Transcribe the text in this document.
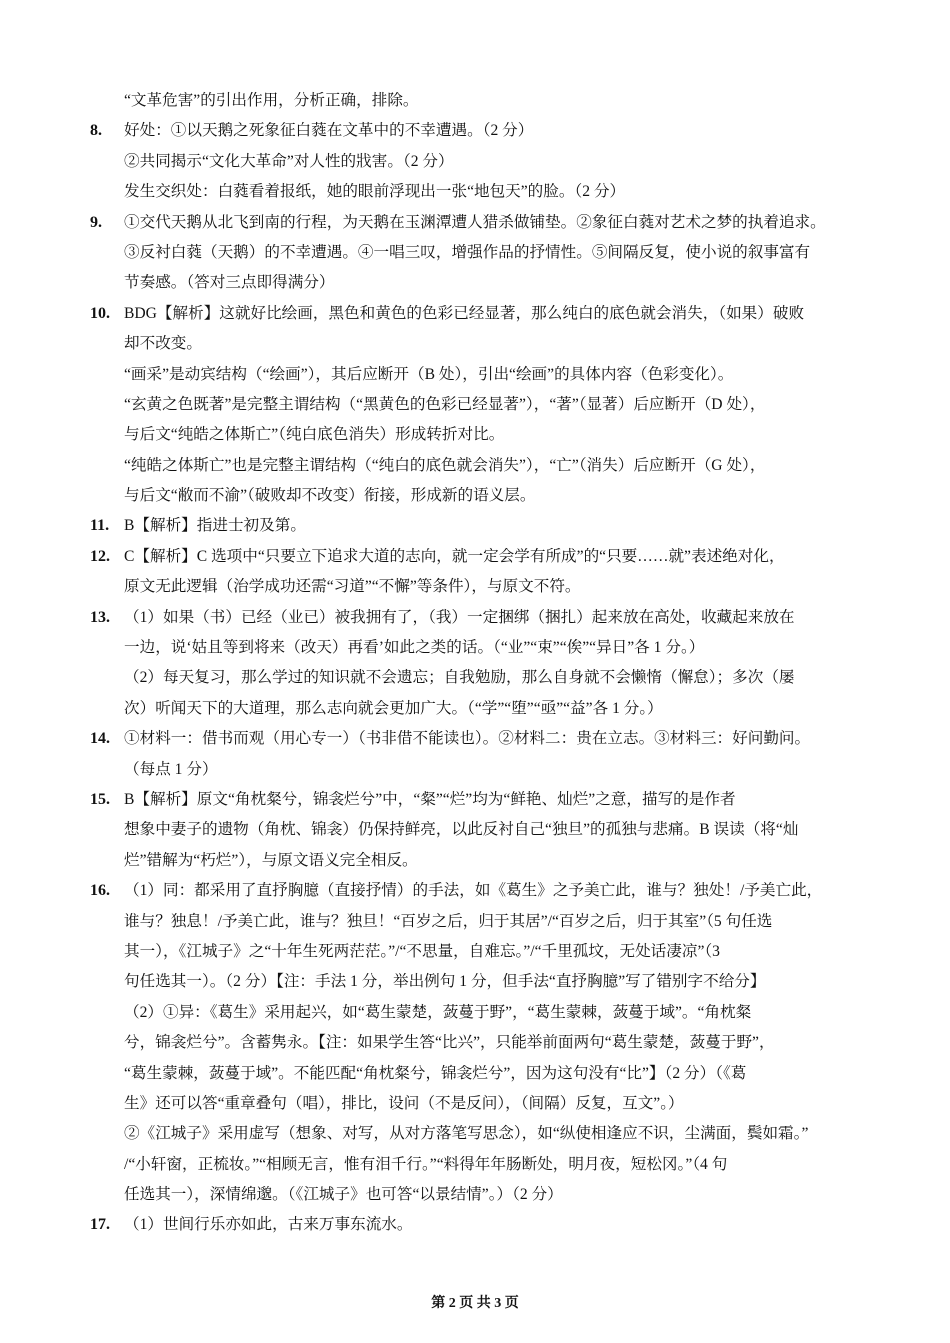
“文革危害”的引出作用，分析正确，排除。
8.	好处：①以天鹅之死象征白蕤在文革中的不幸遭遇。（2 分）
②共同揭示“文化大革命”对人性的戕害。（2 分）
发生交织处：白蕤看着报纸，她的眼前浮现出一张“地包天”的脸。（2 分）
9.	①交代天鹅从北飞到南的行程，为天鹅在玉渊潭遭人猎杀做铺垫。②象征白蕤对艺术之梦的执着追求。
③反衬白蕤（天鹅）的不幸遭遇。④一唱三叹，增强作品的抒情性。⑤间隔反复，使小说的叙事富有
节奏感。（答对三点即得满分）
10. BDG【解析】这就好比绘画，黑色和黄色的色彩已经显著，那么纯白的底色就会消失，（如果）破败
却不改变。
“画采”是动宾结构（“绘画”），其后应断开（B 处），引出“绘画”的具体内容（色彩变化）。
“玄黄之色既著”是完整主谓结构（“黑黄色的色彩已经显著”），“著”（显著）后应断开（D 处），
与后文“纯皓之体斯亡”（纯白底色消失）形成转折对比。
“纯皓之体斯亡”也是完整主谓结构（“纯白的底色就会消失”），“亡”（消失）后应断开（G 处），
与后文“敝而不渝”（破败却不改变）衔接，形成新的语义层。
11. B【解析】指进士初及第。
12. C【解析】C 选项中“只要立下追求大道的志向，就一定会学有所成”的“只要……就”表述绝对化，
原文无此逻辑（治学成功还需“习道”“不懈”等条件），与原文不符。
13. （1）如果（书）已经（业已）被我拥有了，（我）一定捆绑（捆扎）起来放在高处，收藏起来放在
一边，说‘姑且等到将来（改天）再看’如此之类的话。（“业”“束”“俟”“异日”各 1 分。）
（2）每天复习，那么学过的知识就不会遗忘；自我勉励，那么自身就不会懒惰（懈怠）；多次（屡
次）听闻天下的大道理，那么志向就会更加广大。（“学”“堕”“亟”“益”各 1 分。）
14. ①材料一：借书而观（用心专一）（书非借不能读也）。②材料二：贵在立志。③材料三：好问勤问。
（每点 1 分）
15. B【解析】原文“角枕粲兮，锦衾烂兮”中，“粲”“烂”均为“鲜艳、灿烂”之意，描写的是作者
想象中妻子的遗物（角枕、锦衾）仍保持鲜亮，以此反衬自己“独旦”的孤独与悲痛。B 误读（将“灿
烂”错解为“朽烂”），与原文语义完全相反。
16. （1）同：都采用了直抒胸臆（直接抒情）的手法，如《葛生》之予美亡此，谁与？独处！/予美亡此，
谁与？独息！/予美亡此，谁与？独旦！“百岁之后，归于其居”/“百岁之后，归于其室”（5 句任选
其一），《江城子》之“十年生死两茫茫。”/“不思量，自难忘。”/“千里孤坟，无处话凄凉”（3
句任选其一）。（2 分）【注：手法 1 分，举出例句 1 分，但手法“直抒胸臆”写了错别字不给分】
（2）①异：《葛生》采用起兴，如“葛生蒙楚，蔹蔓于野”，“葛生蒙棘，蔹蔓于域”。“角枕粲
兮，锦衾烂兮”。含蓄隽永。【注：如果学生答“比兴”，只能举前面两句“葛生蒙楚，蔹蔓于野”，
“葛生蒙棘，蔹蔓于域”。不能匹配“角枕粲兮，锦衾烂兮”，因为这句没有“比”】（2 分）（《葛
生》还可以答“重章叠句（唱），排比，设问（不是反问），（间隔）反复，互文”。）
②《江城子》采用虚写（想象、对写，从对方落笔写思念），如“纵使相逢应不识，尘满面，鬓如霜。”
/“小轩窗，正梳妆。”“相顾无言，惟有泪千行。”“料得年年肠断处，明月夜，短松冈。”（4 句
任选其一），深情绵邈。（《江城子》也可答“以景结情”。）（2 分）
17. （1）世间行乐亦如此，古来万事东流水。
第 2 页 共 3 页
